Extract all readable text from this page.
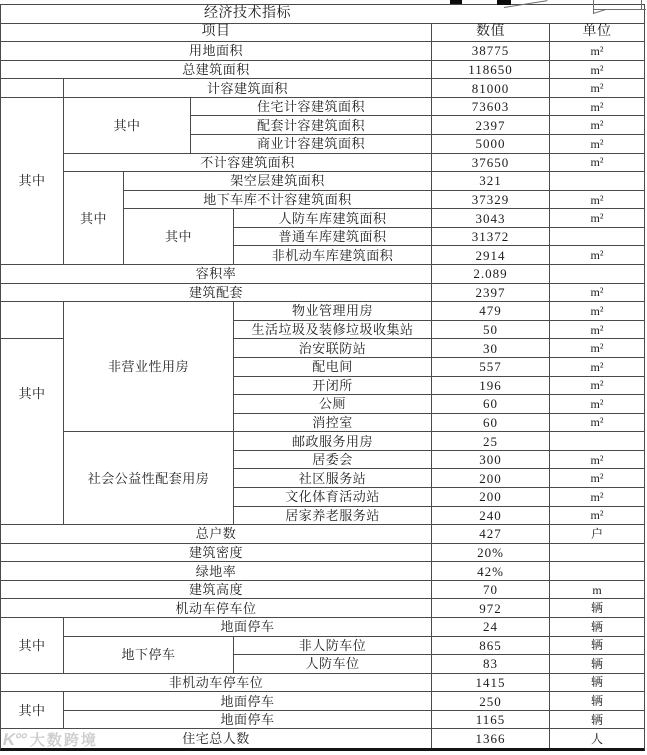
经济技术指标
项目	数值	单位
用地面积	38775	m²
总建筑面积	118650	m²
计容建筑面积	81000	m²
其中
其中
住宅计容建筑面积	73603	m²
配套计容建筑面积	2397	m²
商业计容建筑面积	5000	m²
不计容建筑面积	37650	m²
其中
架空层建筑面积	321
地下车库不计容建筑面积	37329	m²
其中
人防车库建筑面积	3043	m²
普通车库建筑面积	31372
非机动车库建筑面积	2914	m²
容积率	2.089
建筑配套	2397	m²
非营业性用房
物业管理用房	479	m²
生活垃圾及装修垃圾收集站	50	m²
其中
治安联防站	30	m²
配电间	557	m²
开闭所	196	m²
公厕	60	m²
消控室	60	m²
社会公益性配套用房
邮政服务用房	25
居委会	300	m²
社区服务站	200	m²
文化体育活动站	200	m²
居家养老服务站	240	m²
总户数	427	户
建筑密度	20%
绿地率	42%
建筑高度	70	m
机动车停车位	972	辆
其中
地面停车	24	辆
地下停车
非人防车位	865	辆
人防车位	83	辆
非机动车停车位	1415	辆
其中
地面停车	250	辆
地面停车	1165	辆
住宅总人数	1366	人
K°° 大数跨境
